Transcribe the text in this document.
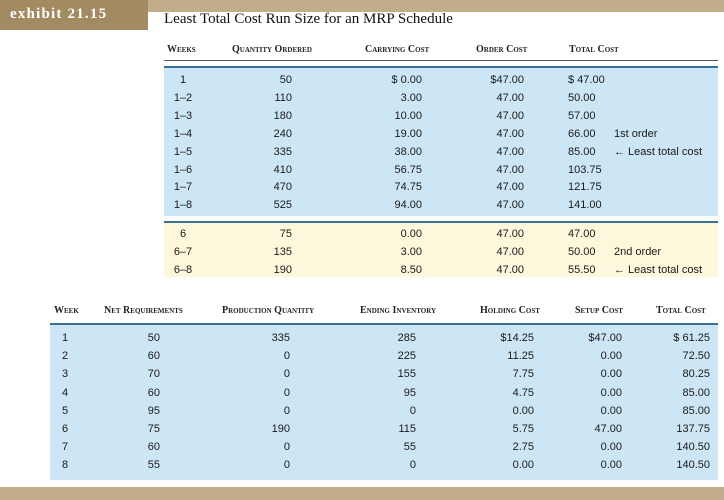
exhibit 21.15	Least Total Cost Run Size for an MRP Schedule
Weeks	Quantity Ordered	Carrying Cost	Order Cost	Total Cost
1	50	$ 0.00	$47.00	$ 47.00
1–2	110	3.00	47.00	50.00
1–3	180	10.00	47.00	57.00
1–4	240	19.00	47.00	66.00	1st order
1–5	335	38.00	47.00	85.00	← Least total cost
1–6	410	56.75	47.00	103.75
1–7	470	74.75	47.00	121.75
1–8	525	94.00	47.00	141.00
6	75	0.00	47.00	47.00
6–7	135	3.00	47.00	50.00	2nd order
6–8	190	8.50	47.00	55.50	← Least total cost
Week	Net Requirements	Production Quantity	Ending Inventory	Holding Cost	Setup Cost	Total Cost
1	50	335	285	$14.25	$47.00	$ 61.25
2	60	0	225	11.25	0.00	72.50
3	70	0	155	7.75	0.00	80.25
4	60	0	95	4.75	0.00	85.00
5	95	0	0	0.00	0.00	85.00
6	75	190	115	5.75	47.00	137.75
7	60	0	55	2.75	0.00	140.50
8	55	0	0	0.00	0.00	140.50
